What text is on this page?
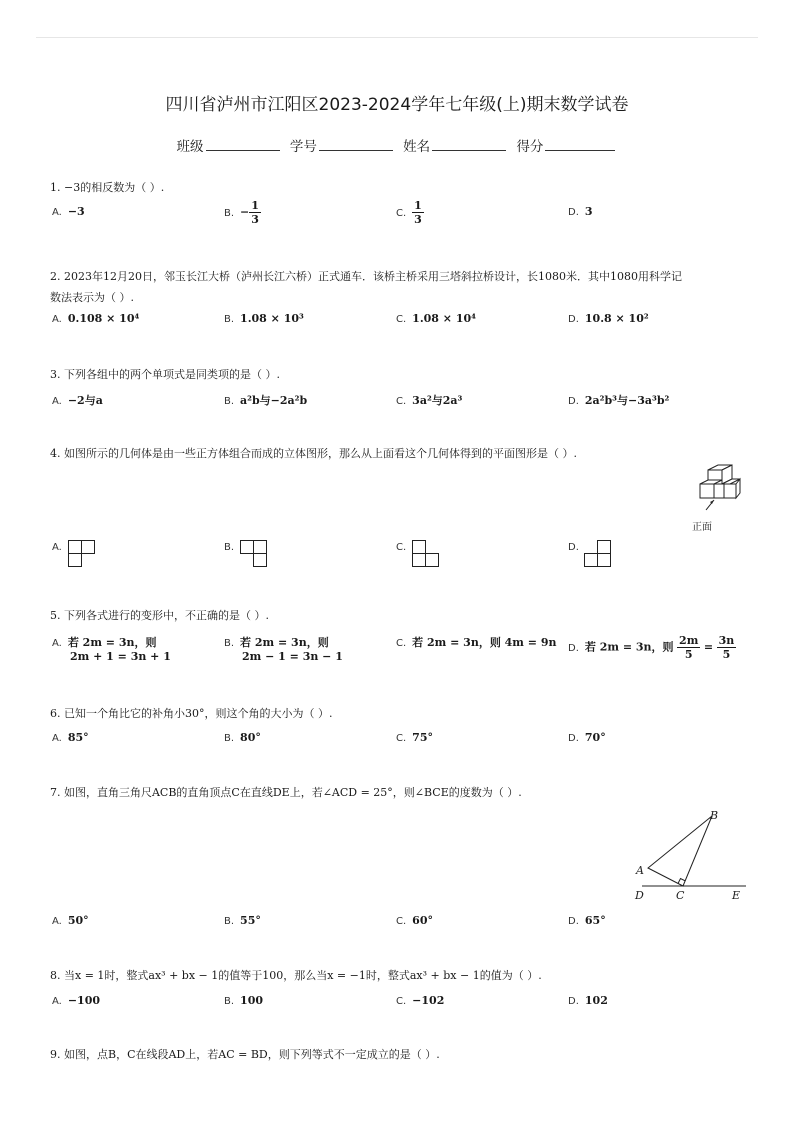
四川省泸州市江阳区2023-2024学年七年级(上)期末数学试卷
班级	学号	姓名	得分
1. −3的相反数为（ ）.
A. −3	B. − $\frac{1}{3}$	C. $\frac{1}{3}$	D. 3
2. 2023年12月20日，邻玉长江大桥（泸州长江六桥）正式通车．该桥主桥采用三塔斜拉桥设计，长1080米．其中1080用科学记
数法表示为（ ）.
A. 0.108 × 10⁴	B. 1.08 × 10³	C. 1.08 × 10⁴	D. 10.8 × 10²
3. 下列各组中的两个单项式是同类项的是（ ）.
A. −2与a	B. a²b与−2a²b	C. 3a²与2a³	D. 2a²b³与−3a³b²
4. 如图所示的几何体是由一些正方体组合而成的立体图形，那么从上面看这个几何体得到的平面图形是（ ）.
正面
A.	B.	C.	D.
5. 下列各式进行的变形中，不正确的是（ ）.
A. 若 2m = 3n，则
2m + 1 = 3n + 1
B. 若 2m = 3n，则
2m − 1 = 3n − 1
C. 若 2m = 3n，则 4m = 9n D. 若 2m = 3n，则 $\frac{2m}{5} = \frac{3n}{5}$
6. 已知一个角比它的补角小30°，则这个角的大小为（ ）.
A. 85°	B. 80°	C. 75°	D. 70°
7. 如图，直角三角尺ACB的直角顶点C在直线DE上，若∠ACD = 25°，则∠BCE的度数为（ ）.
A
B
C
D	E
A. 50°	B. 55°	C. 60°	D. 65°
8. 当x = 1时，整式ax³ + bx − 1的值等于100，那么当x = −1时，整式ax³ + bx − 1的值为（ ）.
A. −100	B. 100	C. −102	D. 102
9. 如图，点B，C在线段AD上，若AC = BD，则下列等式不一定成立的是（ ）.
